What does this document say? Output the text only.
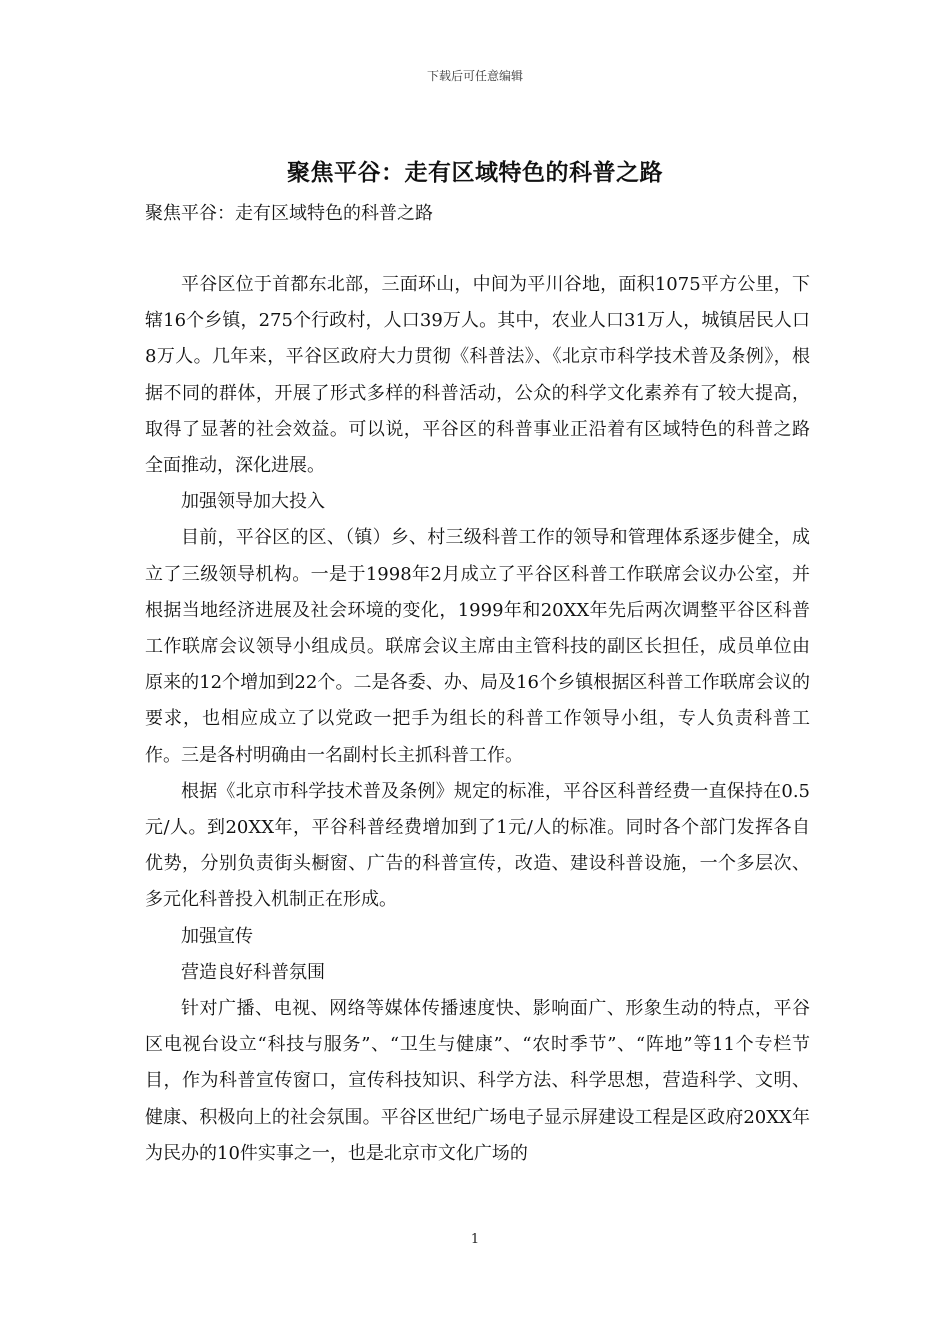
下载后可任意编辑
聚焦平谷：走有区域特色的科普之路

聚焦平谷：走有区域特色的科普之路

平谷区位于首都东北部，三面环山，中间为平川谷地，面积1075平方公里，下辖16个乡镇，275个行政村，人口39万人。其中，农业人口31万人，城镇居民人口8万人。几年来，平谷区政府大力贯彻《科普法》、《北京市科学技术普及条例》，根据不同的群体，开展了形式多样的科普活动，公众的科学文化素养有了较大提高，取得了显著的社会效益。可以说，平谷区的科普事业正沿着有区域特色的科普之路全面推动，深化进展。

加强领导加大投入

目前，平谷区的区、（镇）乡、村三级科普工作的领导和管理体系逐步健全，成立了三级领导机构。一是于1998年2月成立了平谷区科普工作联席会议办公室，并根据当地经济进展及社会环境的变化，1999年和20XX年先后两次调整平谷区科普工作联席会议领导小组成员。联席会议主席由主管科技的副区长担任，成员单位由原来的12个增加到22个。二是各委、办、局及16个乡镇根据区科普工作联席会议的要求，也相应成立了以党政一把手为组长的科普工作领导小组，专人负责科普工作。三是各村明确由一名副村长主抓科普工作。

根据《北京市科学技术普及条例》规定的标准，平谷区科普经费一直保持在0.5元/人。到20XX年，平谷科普经费增加到了1元/人的标准。同时各个部门发挥各自优势，分别负责街头橱窗、广告的科普宣传，改造、建设科普设施，一个多层次、多元化科普投入机制正在形成。

加强宣传

营造良好科普氛围

针对广播、电视、网络等媒体传播速度快、影响面广、形象生动的特点，平谷区电视台设立“科技与服务”、“卫生与健康”、“农时季节”、“阵地”等11个专栏节目，作为科普宣传窗口，宣传科技知识、科学方法、科学思想，营造科学、文明、健康、积极向上的社会氛围。平谷区世纪广场电子显示屏建设工程是区政府20XX年为民办的10件实事之一，也是北京市文化广场的

1
